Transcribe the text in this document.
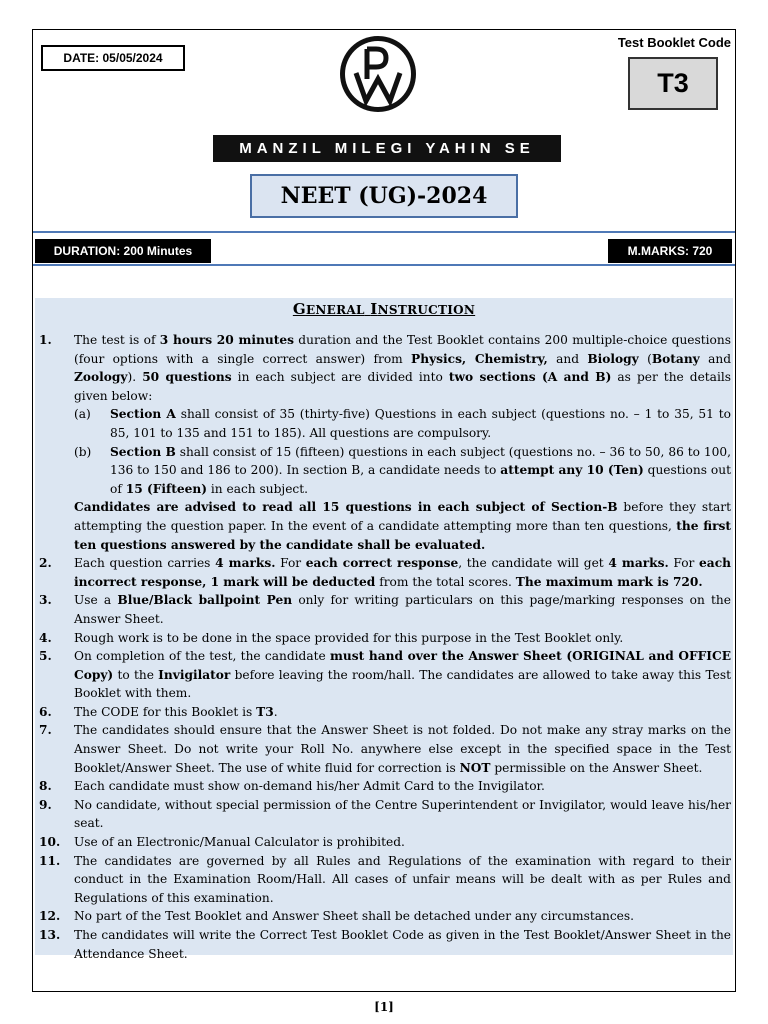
DATE: 05/05/2024
Test Booklet Code
T3
MANZIL MILEGI YAHIN SE
NEET (UG)-2024
DURATION: 200 Minutes	M.MARKS: 720
GENERAL INSTRUCTION
1.	The test is of 3 hours 20 minutes duration and the Test Booklet contains 200 multiple-choice questions (four options with a single correct answer) from Physics, Chemistry, and Biology (Botany and Zoology). 50 questions in each subject are divided into two sections (A and B) as per the details given below:
(a)	Section A shall consist of 35 (thirty-five) Questions in each subject (questions no. – 1 to 35, 51 to 85, 101 to 135 and 151 to 185). All questions are compulsory.
(b)	Section B shall consist of 15 (fifteen) questions in each subject (questions no. – 36 to 50, 86 to 100, 136 to 150 and 186 to 200). In section B, a candidate needs to attempt any 10 (Ten) questions out of 15 (Fifteen) in each subject.
Candidates are advised to read all 15 questions in each subject of Section-B before they start attempting the question paper. In the event of a candidate attempting more than ten questions, the first ten questions answered by the candidate shall be evaluated.
2.	Each question carries 4 marks. For each correct response, the candidate will get 4 marks. For each incorrect response, 1 mark will be deducted from the total scores. The maximum mark is 720.
3.	Use a Blue/Black ballpoint Pen only for writing particulars on this page/marking responses on the Answer Sheet.
4.	Rough work is to be done in the space provided for this purpose in the Test Booklet only.
5.	On completion of the test, the candidate must hand over the Answer Sheet (ORIGINAL and OFFICE Copy) to the Invigilator before leaving the room/hall. The candidates are allowed to take away this Test Booklet with them.
6.	The CODE for this Booklet is T3.
7.	The candidates should ensure that the Answer Sheet is not folded. Do not make any stray marks on the Answer Sheet. Do not write your Roll No. anywhere else except in the specified space in the Test Booklet/Answer Sheet. The use of white fluid for correction is NOT permissible on the Answer Sheet.
8.	Each candidate must show on-demand his/her Admit Card to the Invigilator.
9.	No candidate, without special permission of the Centre Superintendent or Invigilator, would leave his/her seat.
10.	Use of an Electronic/Manual Calculator is prohibited.
11.	The candidates are governed by all Rules and Regulations of the examination with regard to their conduct in the Examination Room/Hall. All cases of unfair means will be dealt with as per Rules and Regulations of this examination.
12.	No part of the Test Booklet and Answer Sheet shall be detached under any circumstances.
13.	The candidates will write the Correct Test Booklet Code as given in the Test Booklet/Answer Sheet in the Attendance Sheet.
[1]
